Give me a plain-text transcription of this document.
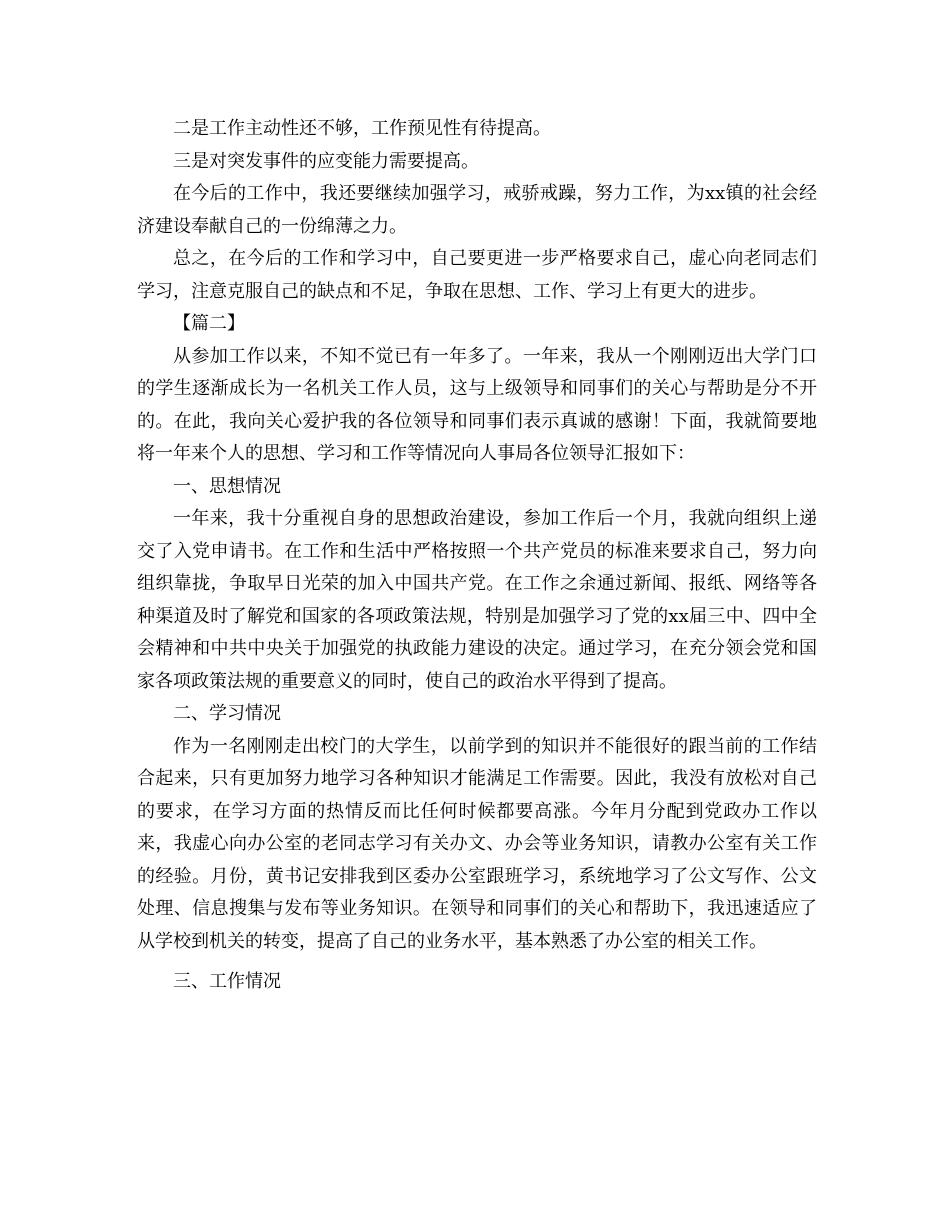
二是工作主动性还不够，工作预见性有待提高。

三是对突发事件的应变能力需要提高。

在今后的工作中，我还要继续加强学习，戒骄戒躁，努力工作，为xx镇的社会经济建设奉献自己的一份绵薄之力。

总之，在今后的工作和学习中，自己要更进一步严格要求自己，虚心向老同志们学习，注意克服自己的缺点和不足，争取在思想、工作、学习上有更大的进步。

【篇二】

从参加工作以来，不知不觉已有一年多了。一年来，我从一个刚刚迈出大学门口的学生逐渐成长为一名机关工作人员，这与上级领导和同事们的关心与帮助是分不开的。在此，我向关心爱护我的各位领导和同事们表示真诚的感谢！下面，我就简要地将一年来个人的思想、学习和工作等情况向人事局各位领导汇报如下：

一、思想情况

一年来，我十分重视自身的思想政治建设，参加工作后一个月，我就向组织上递交了入党申请书。在工作和生活中严格按照一个共产党员的标准来要求自己，努力向组织靠拢，争取早日光荣的加入中国共产党。在工作之余通过新闻、报纸、网络等各种渠道及时了解党和国家的各项政策法规，特别是加强学习了党的xx届三中、四中全会精神和中共中央关于加强党的执政能力建设的决定。通过学习，在充分领会党和国家各项政策法规的重要意义的同时，使自己的政治水平得到了提高。

二、学习情况

作为一名刚刚走出校门的大学生，以前学到的知识并不能很好的跟当前的工作结合起来，只有更加努力地学习各种知识才能满足工作需要。因此，我没有放松对自己的要求，在学习方面的热情反而比任何时候都要高涨。今年月分配到党政办工作以来，我虚心向办公室的老同志学习有关办文、办会等业务知识，请教办公室有关工作的经验。月份，黄书记安排我到区委办公室跟班学习，系统地学习了公文写作、公文处理、信息搜集与发布等业务知识。在领导和同事们的关心和帮助下，我迅速适应了从学校到机关的转变，提高了自己的业务水平，基本熟悉了办公室的相关工作。

三、工作情况
